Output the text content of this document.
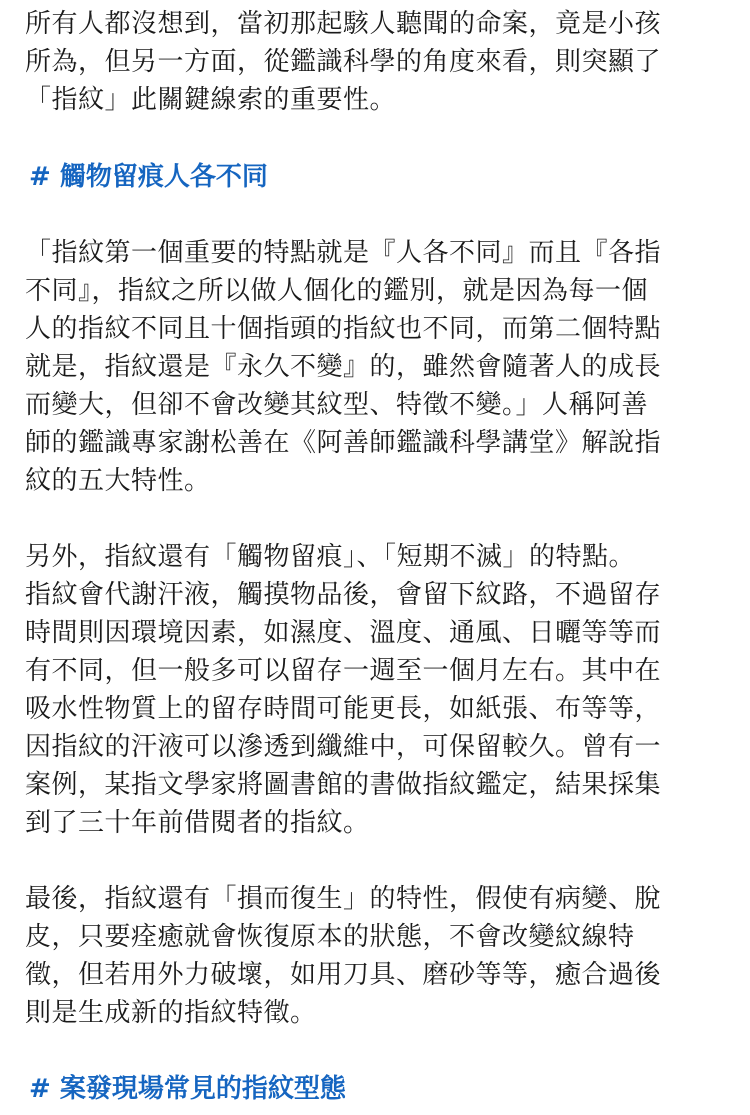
所有人都沒想到，當初那起駭人聽聞的命案，竟是小孩
所為，但另一方面，從鑑識科學的角度來看，則突顯了
「指紋」此關鍵線索的重要性。

# 觸物留痕人各不同

「指紋第一個重要的特點就是『人各不同』而且『各指
不同』，指紋之所以做人個化的鑑別，就是因為每一個
人的指紋不同且十個指頭的指紋也不同，而第二個特點
就是，指紋還是『永久不變』的，雖然會隨著人的成長
而變大，但卻不會改變其紋型、特徵不變。」人稱阿善
師的鑑識專家謝松善在《阿善師鑑識科學講堂》解說指
紋的五大特性。

另外，指紋還有「觸物留痕」、「短期不滅」的特點。
指紋會代謝汗液，觸摸物品後，會留下紋路，不過留存
時間則因環境因素，如濕度、溫度、通風、日曬等等而
有不同，但一般多可以留存一週至一個月左右。其中在
吸水性物質上的留存時間可能更長，如紙張、布等等，
因指紋的汗液可以滲透到纖維中，可保留較久。曾有一
案例，某指文學家將圖書館的書做指紋鑑定，結果採集
到了三十年前借閱者的指紋。

最後，指紋還有「損而復生」的特性，假使有病變、脫
皮，只要痊癒就會恢復原本的狀態，不會改變紋線特
徵，但若用外力破壞，如用刀具、磨砂等等，癒合過後
則是生成新的指紋特徵。

# 案發現場常見的指紋型態
